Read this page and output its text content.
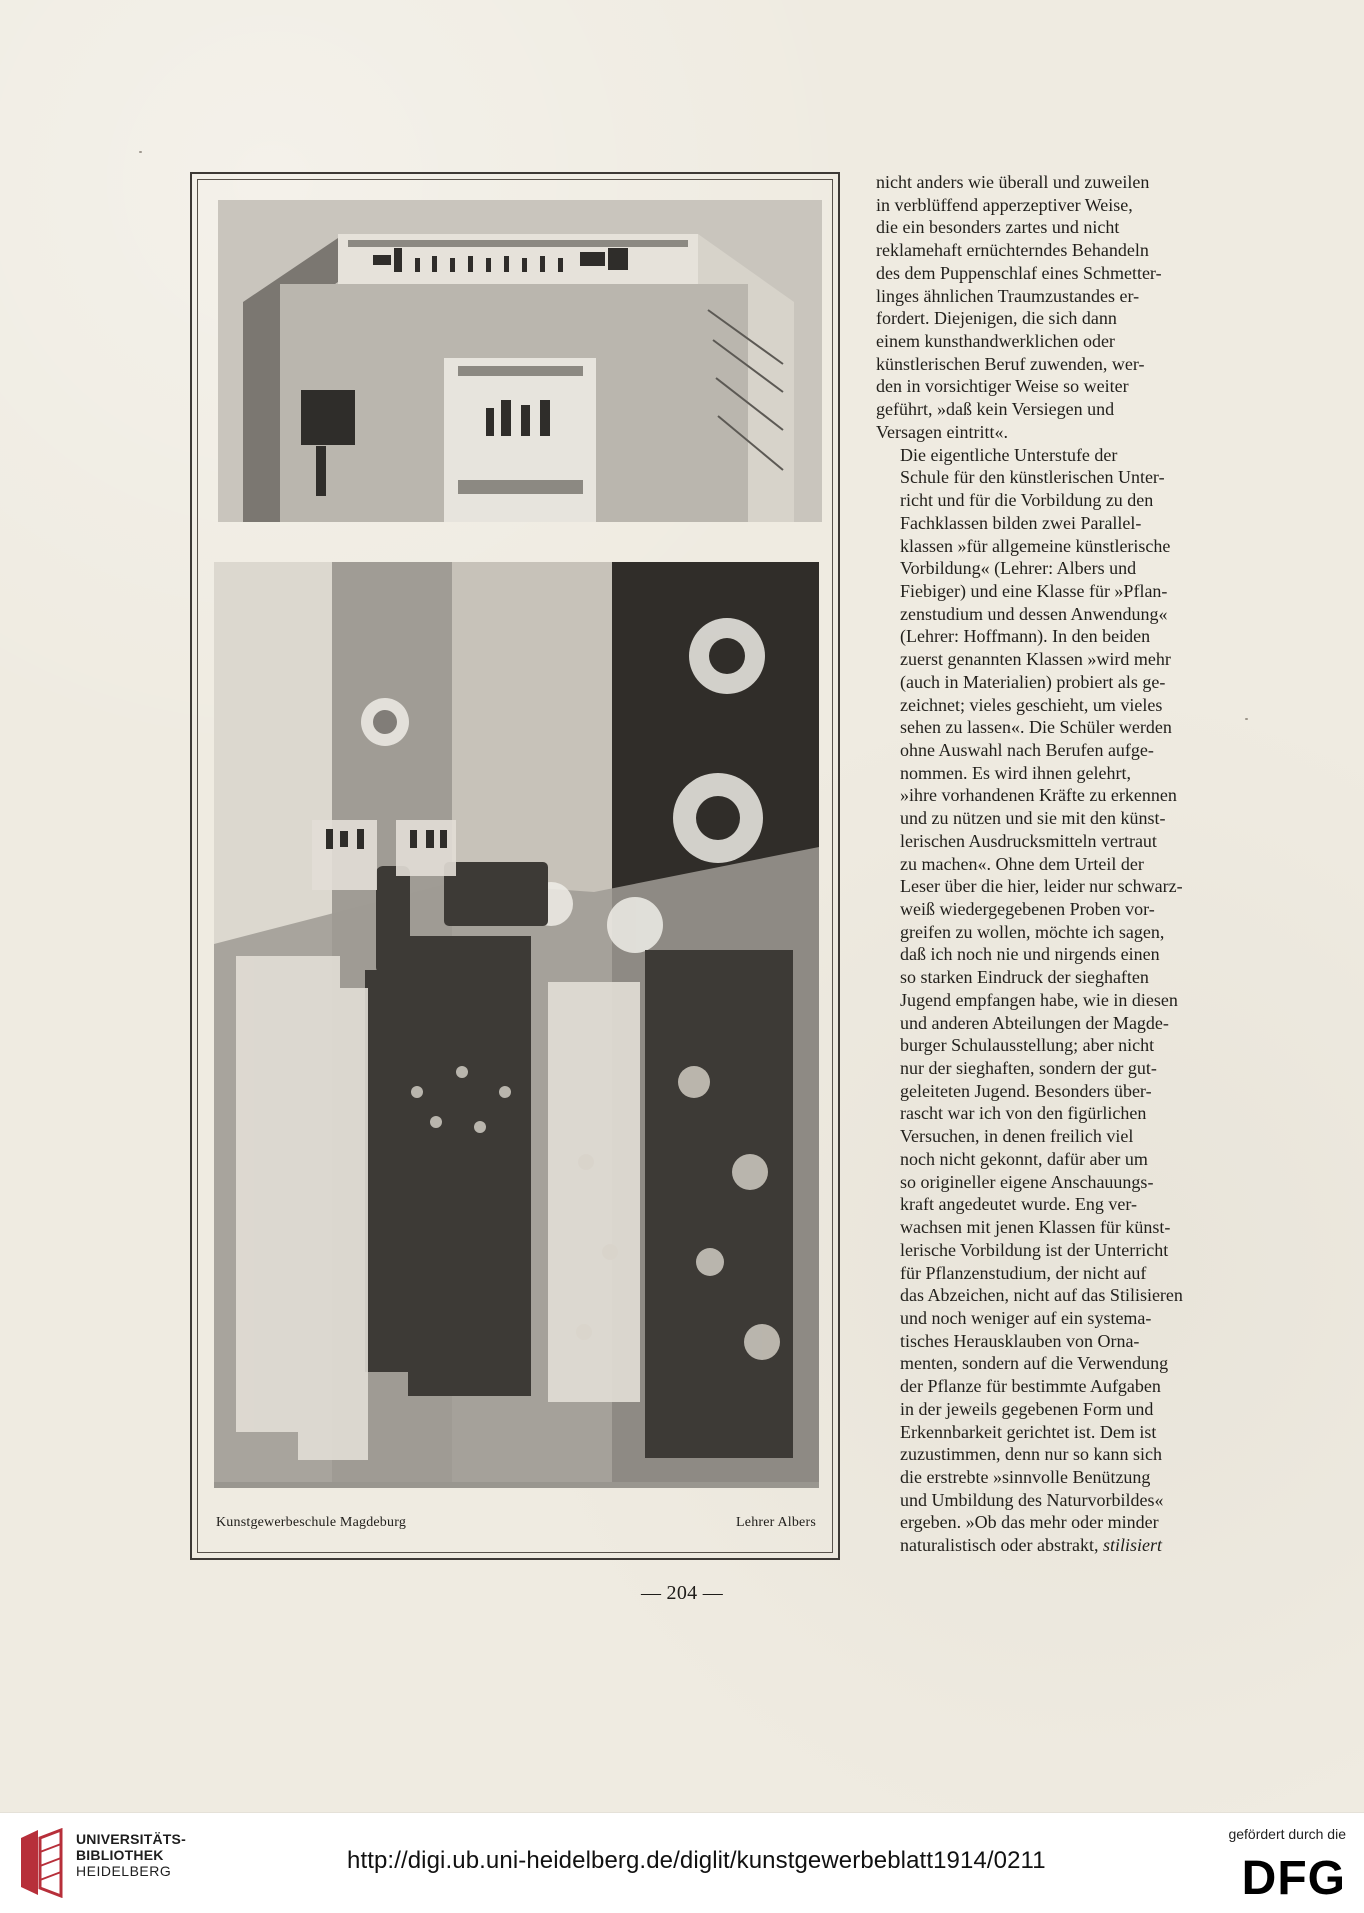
Kunstgewerbeschule Magdeburg	Lehrer Albers

nicht anders wie überall und zuweilen
in verblüffend apperzeptiver Weise,
die ein besonders zartes und nicht
reklamehaft ernüchterndes Behandeln
des dem Puppenschlaf eines Schmetter-
linges ähnlichen Traumzustandes er-
fordert. Diejenigen, die sich dann
einem kunsthandwerklichen oder
künstlerischen Beruf zuwenden, wer-
den in vorsichtiger Weise so weiter
geführt, »daß kein Versiegen und
Versagen eintritt«.

Die eigentliche Unterstufe der
Schule für den künstlerischen Unter-
richt und für die Vorbildung zu den
Fachklassen bilden zwei Parallel-
klassen »für allgemeine künstlerische
Vorbildung« (Lehrer: Albers und
Fiebiger) und eine Klasse für »Pflan-
zenstudium und dessen Anwendung«
(Lehrer: Hoffmann). In den beiden
zuerst genannten Klassen »wird mehr
(auch in Materialien) probiert als ge-
zeichnet; vieles geschieht, um vieles
sehen zu lassen«. Die Schüler werden
ohne Auswahl nach Berufen aufge-
nommen. Es wird ihnen gelehrt,
»ihre vorhandenen Kräfte zu erkennen
und zu nützen und sie mit den künst-
lerischen Ausdrucksmitteln vertraut
zu machen«. Ohne dem Urteil der
Leser über die hier, leider nur schwarz-
weiß wiedergegebenen Proben vor-
greifen zu wollen, möchte ich sagen,
daß ich noch nie und nirgends einen
so starken Eindruck der sieghaften
Jugend empfangen habe, wie in diesen
und anderen Abteilungen der Magde-
burger Schulausstellung; aber nicht
nur der sieghaften, sondern der gut-
geleiteten Jugend. Besonders über-
rascht war ich von den figürlichen
Versuchen, in denen freilich viel
noch nicht gekonnt, dafür aber um
so origineller eigene Anschauungs-
kraft angedeutet wurde. Eng ver-
wachsen mit jenen Klassen für künst-
lerische Vorbildung ist der Unterricht
für Pflanzenstudium, der nicht auf
das Abzeichen, nicht auf das Stilisieren
und noch weniger auf ein systema-
tisches Herausklauben von Orna-
menten, sondern auf die Verwendung
der Pflanze für bestimmte Aufgaben
in der jeweils gegebenen Form und
Erkennbarkeit gerichtet ist. Dem ist
zuzustimmen, denn nur so kann sich
die erstrebte »sinnvolle Benützung
und Umbildung des Naturvorbildes«
ergeben. »Ob das mehr oder minder
naturalistisch oder abstrakt, stilisiert

— 204 —
UNIVERSITÄTS-
BIBLIOTHEK
HEIDELBERG	http://digi.ub.uni-heidelberg.de/diglit/kunstgewerbeblatt1914/0211
gefördert durch die
DFG
